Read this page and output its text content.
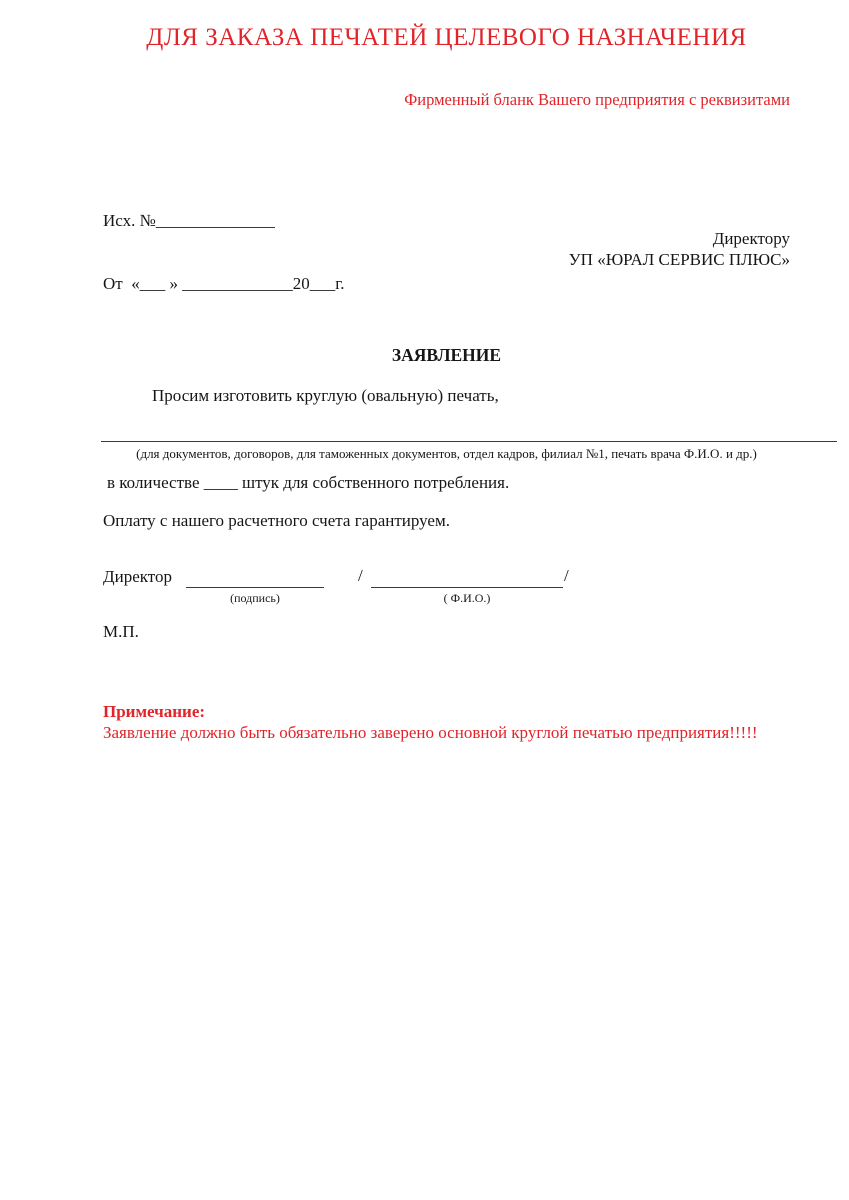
ДЛЯ ЗАКАЗА ПЕЧАТЕЙ ЦЕЛЕВОГО НАЗНАЧЕНИЯ
Фирменный бланк Вашего предприятия с реквизитами

Исх. №______________

От  «___ » _____________20___г.

Директору
УП «ЮРАЛ СЕРВИС ПЛЮС»
ЗАЯВЛЕНИЕ
Просим изготовить круглую (овальную) печать,
(для документов, договоров, для таможенных документов, отдел кадров, филиал №1, печать врача Ф.И.О. и др.)
в количестве ____ штук для собственного потребления.
Оплату с нашего расчетного счета гарантируем.
Директор	/	/
(подпись)	( Ф.И.О.)
М.П.
Примечание:
Заявление должно быть обязательно заверено основной круглой печатью предприятия!!!!!
